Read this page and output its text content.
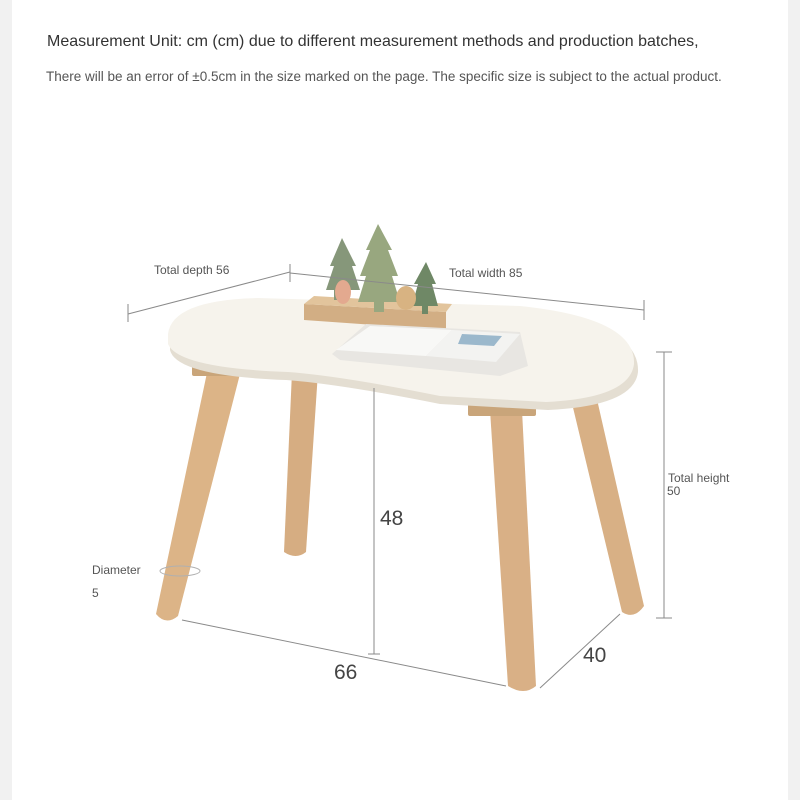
Measurement Unit: cm (cm) due to different measurement methods and production batches,
There will be an error of ±0.5cm in the size marked on the page. The specific size is subject to the actual product.
Total depth 56	Total width 85
Total height
50
Diameter
5
48
66
40
